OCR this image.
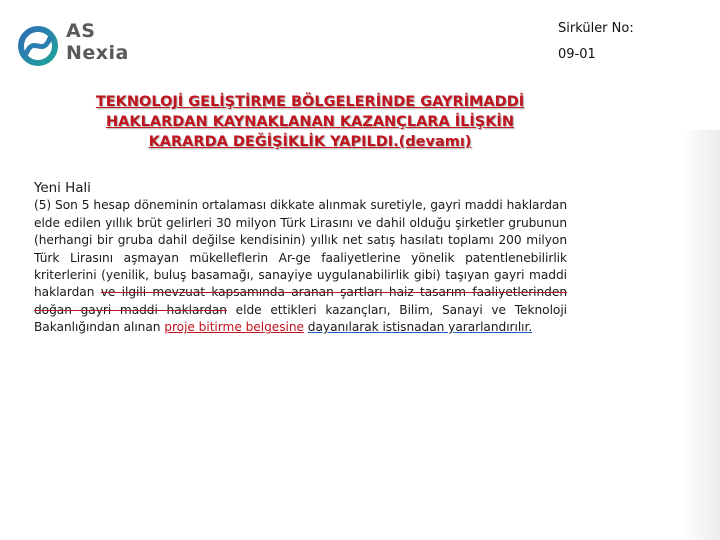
AS
Nexia
Sirküler No:
09-01
TEKNOLOJİ GELİŞTİRME BÖLGELERİNDE GAYRİMADDİ
HAKLARDAN KAYNAKLANAN KAZANÇLARA İLİŞKİN
KARARDA DEĞİŞİKLİK YAPILDI.(devamı)
Yeni Hali
(5) Son 5 hesap döneminin ortalaması dikkate alınmak suretiyle, gayri maddi haklardan elde edilen yıllık brüt gelirleri 30 milyon Türk Lirasını ve dahil olduğu şirketler grubunun (herhangi bir gruba dahil değilse kendisinin) yıllık net satış hasılatı toplamı 200 milyon Türk Lirasını aşmayan mükelleflerin Ar-ge faaliyetlerine yönelik patentlenebilirlik kriterlerini (yenilik, buluş basamağı, sanayiye uygulanabilirlik gibi) taşıyan gayri maddi haklardan ve ilgili mevzuat kapsamında aranan şartları haiz tasarım faaliyetlerinden doğan gayri maddi haklardan elde ettikleri kazançları, Bilim, Sanayi ve Teknoloji Bakanlığından alınan proje bitirme belgesine dayanılarak istisnadan yararlandırılır.
